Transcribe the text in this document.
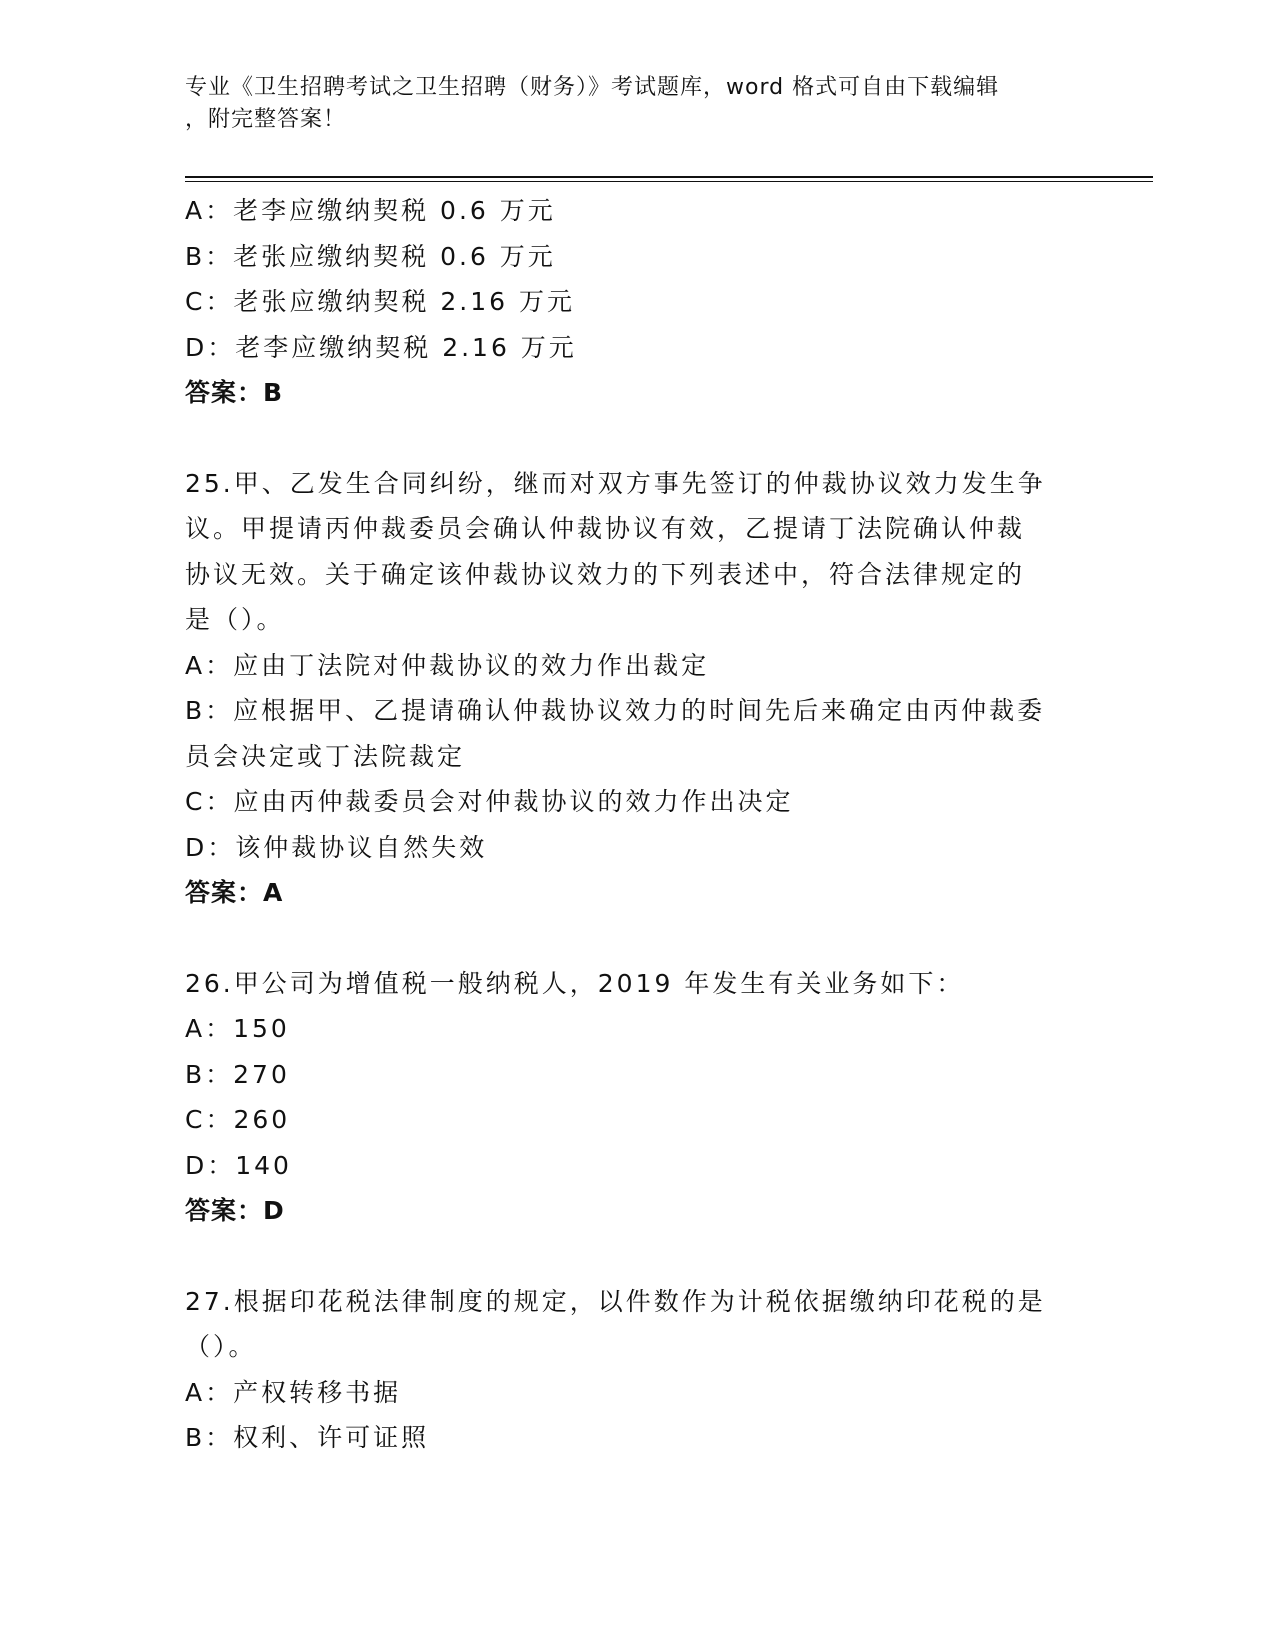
专业《卫生招聘考试之卫生招聘（财务）》考试题库，word 格式可自由下载编辑
，附完整答案！
A：老李应缴纳契税 0.6 万元
B：老张应缴纳契税 0.6 万元
C：老张应缴纳契税 2.16 万元
D：老李应缴纳契税 2.16 万元
答案：B
25.甲、乙发生合同纠纷，继而对双方事先签订的仲裁协议效力发生争
议。甲提请丙仲裁委员会确认仲裁协议有效，乙提请丁法院确认仲裁
协议无效。关于确定该仲裁协议效力的下列表述中，符合法律规定的
是（）。
A：应由丁法院对仲裁协议的效力作出裁定
B：应根据甲、乙提请确认仲裁协议效力的时间先后来确定由丙仲裁委
员会决定或丁法院裁定
C：应由丙仲裁委员会对仲裁协议的效力作出决定
D：该仲裁协议自然失效
答案：A
26.甲公司为增值税一般纳税人，2019 年发生有关业务如下：
A：150
B：270
C：260
D：140
答案：D
27.根据印花税法律制度的规定，以件数作为计税依据缴纳印花税的是
（）。
A：产权转移书据
B：权利、许可证照
